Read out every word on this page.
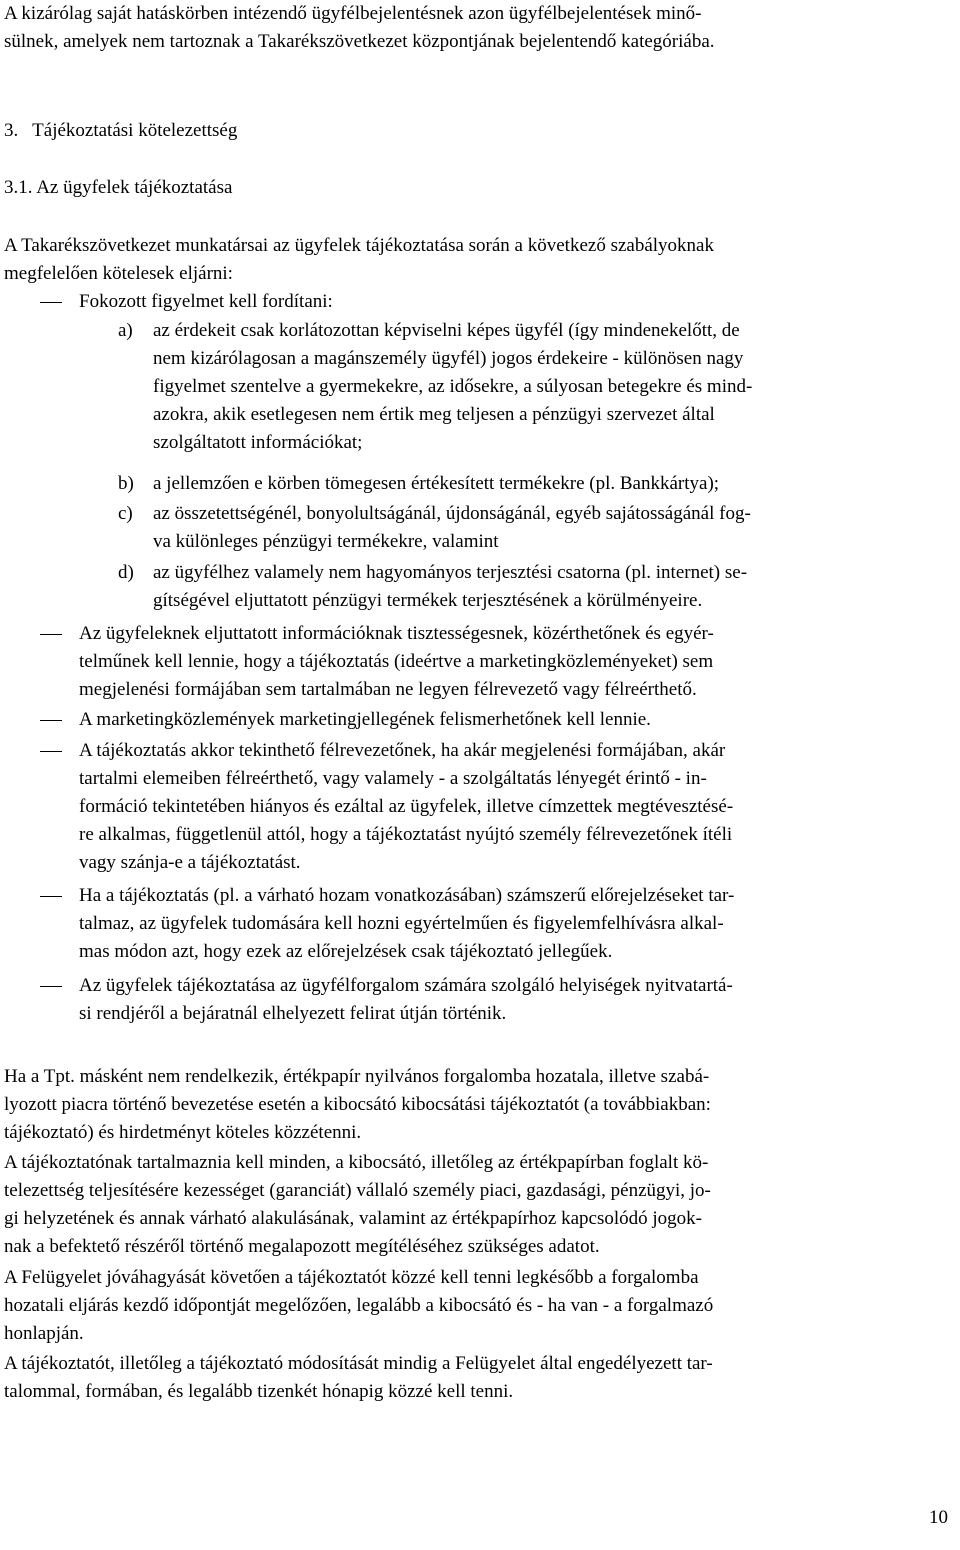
A kizárólag saját hatáskörben intézendő ügyfélbejelentésnek azon ügyfélbejelentések minő-
sülnek, amelyek nem tartoznak a Takarékszövetkezet központjának bejelentendő kategóriába.
3.   Tájékoztatási kötelezettség
3.1. Az ügyfelek tájékoztatása
A Takarékszövetkezet munkatársai az ügyfelek tájékoztatása során a következő szabályoknak
megfelelően kötelesek eljárni:
Fokozott figyelmet kell fordítani:
a) az érdekeit csak korlátozottan képviselni képes ügyfél (így mindenekelőtt, de
nem kizárólagosan a magánszemély ügyfél) jogos érdekeire - különösen nagy
figyelmet szentelve a gyermekekre, az idősekre, a súlyosan betegekre és mind-
azokra, akik esetlegesen nem értik meg teljesen a pénzügyi szervezet által
szolgáltatott információkat;
b) a jellemzően e körben tömegesen értékesített termékekre (pl. Bankkártya);
c) az összetettségénél, bonyolultságánál, újdonságánál, egyéb sajátosságánál fog-
va különleges pénzügyi termékekre, valamint
d) az ügyfélhez valamely nem hagyományos terjesztési csatorna (pl. internet) se-
gítségével eljuttatott pénzügyi termékek terjesztésének a körülményeire.
Az ügyfeleknek eljuttatott információknak tisztességesnek, közérthetőnek és egyér-
telműnek kell lennie, hogy a tájékoztatás (ideértve a marketingközleményeket) sem
megjelenési formájában sem tartalmában ne legyen félrevezető vagy félreérthető.
A marketingközlemények marketingjellegének felismerhetőnek kell lennie.
A tájékoztatás akkor tekinthető félrevezetőnek, ha akár megjelenési formájában, akár
tartalmi elemeiben félreérthető, vagy valamely - a szolgáltatás lényegét érintő - in-
formáció tekintetében hiányos és ezáltal az ügyfelek, illetve címzettek megtévesztésé-
re alkalmas, függetlenül attól, hogy a tájékoztatást nyújtó személy félrevezetőnek ítéli
vagy szánja-e a tájékoztatást.
Ha a tájékoztatás (pl. a várható hozam vonatkozásában) számszerű előrejelzéseket tar-
talmaz, az ügyfelek tudomására kell hozni egyértelműen és figyelemfelhívásra alkal-
mas módon azt, hogy ezek az előrejelzések csak tájékoztató jellegűek.
Az ügyfelek tájékoztatása az ügyfélforgalom számára szolgáló helyiségek nyitvatartá-
si rendjéről a bejáratnál elhelyezett felirat útján történik.
Ha a Tpt. másként nem rendelkezik, értékpapír nyilvános forgalomba hozatala, illetve szabá-
lyozott piacra történő bevezetése esetén a kibocsátó kibocsátási tájékoztatót (a továbbiakban:
tájékoztató) és hirdetményt köteles közzétenni.
A tájékoztatónak tartalmaznia kell minden, a kibocsátó, illetőleg az értékpapírban foglalt kö-
telezettség teljesítésére kezességet (garanciát) vállaló személy piaci, gazdasági, pénzügyi, jo-
gi helyzetének és annak várható alakulásának, valamint az értékpapírhoz kapcsolódó jogok-
nak a befektető részéről történő megalapozott megítéléséhez szükséges adatot.
A Felügyelet jóváhagyását követően a tájékoztatót közzé kell tenni legkésőbb a forgalomba
hozatali eljárás kezdő időpontját megelőzően, legalább a kibocsátó és - ha van - a forgalmazó
honlapján.
A tájékoztatót, illetőleg a tájékoztató módosítását mindig a Felügyelet által engedélyezett tar-
talommal, formában, és legalább tizenkét hónapig közzé kell tenni.
10
